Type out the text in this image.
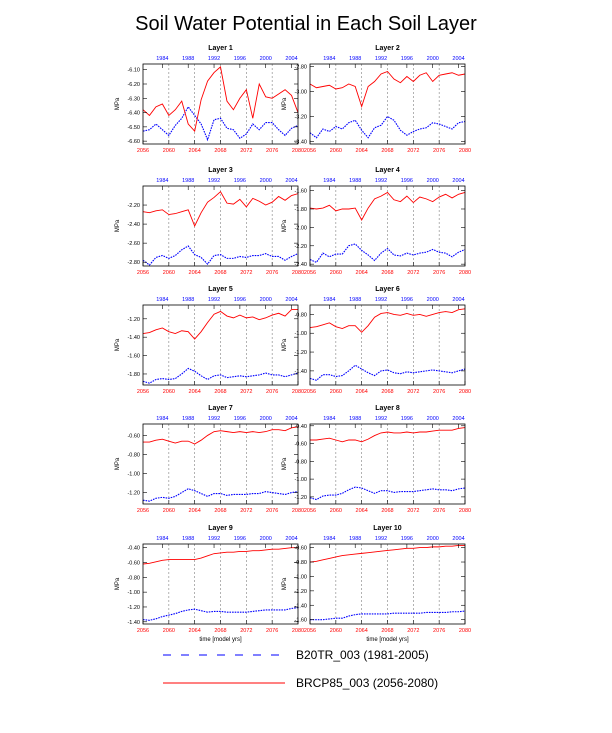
Soil Water Potential in Each Soil Layer
Layer 1
-6.10
-6.20
-6.30
-6.40
-6.50
-6.60
1984 1988 1992 1996 2000 2004
2056 2060 2064 2068 2072 2076 2080
MPa
Layer 2
-2.80
-3.00
-3.20
-3.40
1984 1988 1992 1996 2000 2004
2056 2060 2064 2068 2072 2076 2080
MPa
Layer 3
-2.20
-2.40
-2.60
-2.80
1984 1988 1992 1996 2000 2004
2056 2060 2064 2068 2072 2076 2080
MPa
Layer 4
-1.60
-1.80
-2.00
-2.20
-2.40
1984 1988 1992 1996 2000 2004
2056 2060 2064 2068 2072 2076 2080
MPa
Layer 5
-1.20
-1.40
-1.60
-1.80
1984 1988 1992 1996 2000 2004
2056 2060 2064 2068 2072 2076 2080
MPa
Layer 6
-0.80
-1.00
-1.20
-1.40
1984 1988 1992 1996 2000 2004
2056 2060 2064 2068 2072 2076 2080
MPa
Layer 7
-0.60
-0.80
-1.00
-1.20
1984 1988 1992 1996 2000 2004
2056 2060 2064 2068 2072 2076 2080
MPa
Layer 8
-0.40
-0.60
-0.80
-1.00
-1.20
1984 1988 1992 1996 2000 2004
2056 2060 2064 2068 2072 2076 2080
MPa
Layer 9
-0.40
-0.60
-0.80
-1.00
-1.20
-1.40
1984 1988 1992 1996 2000 2004
2056 2060 2064 2068 2072 2076 2080
MPa
time [model yrs]
Layer 10
-0.60
-0.80
-1.00
-1.20
-1.40
-1.60
1984 1988 1992 1996 2000 2004
2056 2060 2064 2068 2072 2076 2080
MPa
time [model yrs]
B20TR_003 (1981-2005)
BRCP85_003 (2056-2080)
